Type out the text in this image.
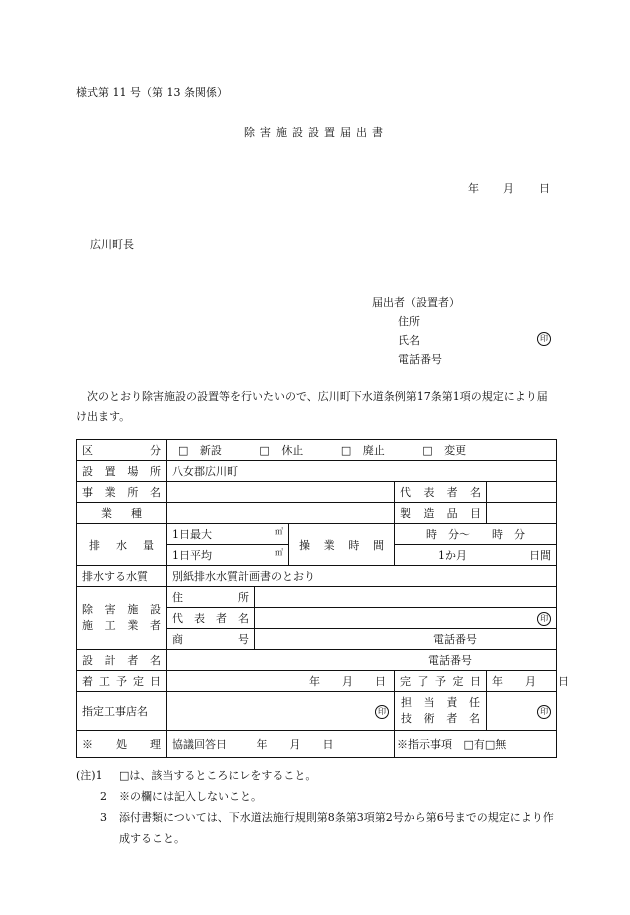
様式第 11 号（第 13 条関係）
除害施設設置届出書
年 月 日
広川町長
届出者（設置者）
住所
氏名	印
電話番号
次のとおり除害施設の設置等を行いたいので、広川町下水道条例第17条第1項の規定により届け出ます。
区　分	□ 新設 □ 休止 □ 廃止 □ 変更				
設置場所	八女郡広川町				
事業所名				代表者名	
業　種				製造品目	
排水量	1日最大 ㎥		操業時間	時　分〜　　時　分	
	1日平均 ㎥			1か月 日間	

排水する水質	別紙排水水質計画書のとおり				

除害施設
施工業者	住　所				
	代表者名	印			
	商　号	電話番号			
設計者名	電話番号				
着工予定日	年　　月　　日			完了予定日	年　　月　　日
指定工事店名	印			担当責任
技術者名	印
※処理	協議回答日 年　　月　　日			※指示事項 □有□無	
(注)1 □は、該当するところにレをすること。
2 ※の欄には記入しないこと。

3 添付書類については、下水道法施行規則第8条第3項第2号から第6号までの規定により作成すること。
